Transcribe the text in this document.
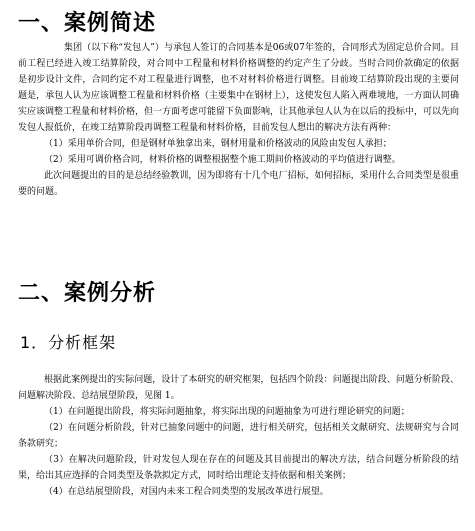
一、案例简述

集团（以下称“发包人”）与承包人签订的合同基本是06或07年签的，合同形式为固定总价合同。目前工程已经进入竣工结算阶段，对合同中工程量和材料价格调整的约定产生了分歧。当时合同价款确定的依据是初步设计文件，合同约定不对工程量进行调整，也不对材料价格进行调整。目前竣工结算阶段出现的主要问题是，承包人认为应该调整工程量和材料价格（主要集中在钢材上），这使发包人陷入两难境地，一方面认同确实应该调整工程量和材料价格，但一方面考虑可能留下负面影响，让其他承包人认为在以后的投标中，可以先向发包人报低价，在竣工结算阶段再调整工程量和材料价格，目前发包人想出的解决方法有两种：

（1）采用单价合同，但是钢材单独拿出来，钢材用量和价格波动的风险由发包人承担；

（2）采用可调价格合同，材料价格的调整根据整个施工期间价格波动的平均值进行调整。

此次问题提出的目的是总结经验教训，因为即将有十几个电厂招标，如何招标，采用什么合同类型是很重要的问题。

二、案例分析
1．分析框架

根据此案例提出的实际问题，设计了本研究的研究框架，包括四个阶段：问题提出阶段、问题分析阶段、问题解决阶段、总结展望阶段，见图 1。

（1）在问题提出阶段，将实际问题抽象，将实际出现的问题抽象为可进行理论研究的问题；

（2）在问题分析阶段，针对已抽象问题中的问题，进行相关研究，包括相关文献研究、法规研究与合同条款研究；

（3）在解决问题阶段，针对发包人现在存在的问题及其目前提出的解决方法，结合问题分析阶段的结果，给出其应选择的合同类型及条款拟定方式，同时给出理论支持依据和相关案例；

（4）在总结展望阶段，对国内未来工程合同类型的发展改革进行展望。
